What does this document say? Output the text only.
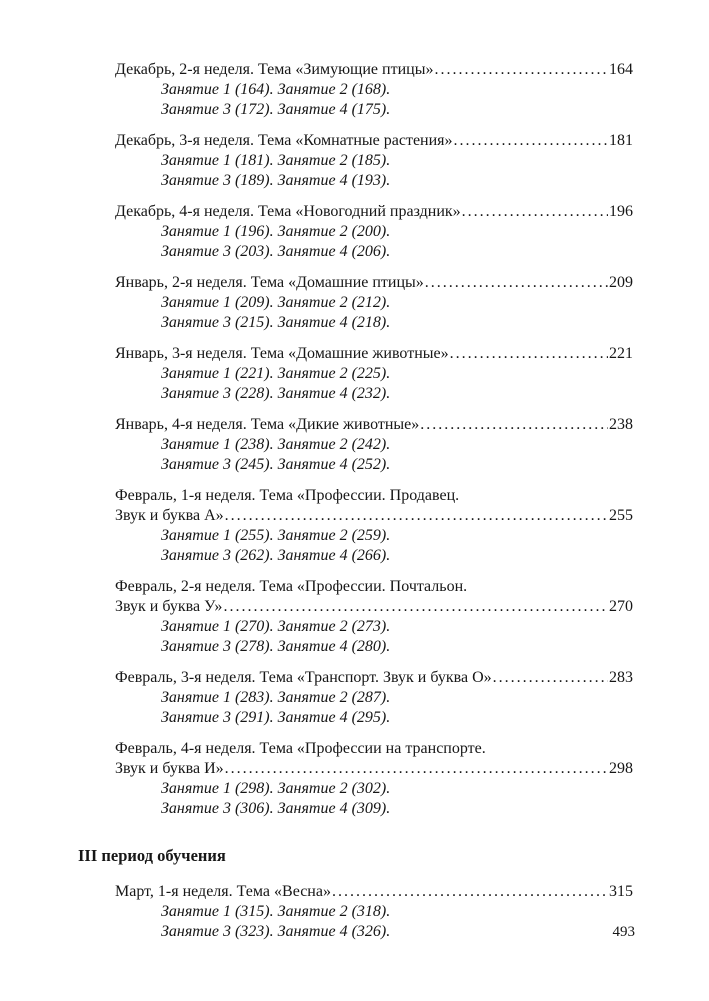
Декабрь, 2-я неделя. Тема «Зимующие птицы» .....	164
Занятие 1 (164). Занятие 2 (168).
Занятие 3 (172). Занятие 4 (175).
Декабрь, 3-я неделя. Тема «Комнатные растения» .....	181
Занятие 1 (181). Занятие 2 (185).
Занятие 3 (189). Занятие 4 (193).
Декабрь, 4-я неделя. Тема «Новогодний праздник» .....	196
Занятие 1 (196). Занятие 2 (200).
Занятие 3 (203). Занятие 4 (206).
Январь, 2-я неделя. Тема «Домашние птицы» .....	209
Занятие 1 (209). Занятие 2 (212).
Занятие 3 (215). Занятие 4 (218).
Январь, 3-я неделя. Тема «Домашние животные» .....	221
Занятие 1 (221). Занятие 2 (225).
Занятие 3 (228). Занятие 4 (232).
Январь, 4-я неделя. Тема «Дикие животные» .....	238
Занятие 1 (238). Занятие 2 (242).
Занятие 3 (245). Занятие 4 (252).
Февраль, 1-я неделя. Тема «Профессии. Продавец.
Звук и буква А» .....	255
Занятие 1 (255). Занятие 2 (259).
Занятие 3 (262). Занятие 4 (266).
Февраль, 2-я неделя. Тема «Профессии. Почтальон.
Звук и буква У» .....	270
Занятие 1 (270). Занятие 2 (273).
Занятие 3 (278). Занятие 4 (280).
Февраль, 3-я неделя. Тема «Транспорт. Звук и буква О» .....	283
Занятие 1 (283). Занятие 2 (287).
Занятие 3 (291). Занятие 4 (295).
Февраль, 4-я неделя. Тема «Профессии на транспорте.
Звук и буква И» .....	298
Занятие 1 (298). Занятие 2 (302).
Занятие 3 (306). Занятие 4 (309).
III период обучения
Март, 1-я неделя. Тема «Весна» .....	315
Занятие 1 (315). Занятие 2 (318).
Занятие 3 (323). Занятие 4 (326).	493
